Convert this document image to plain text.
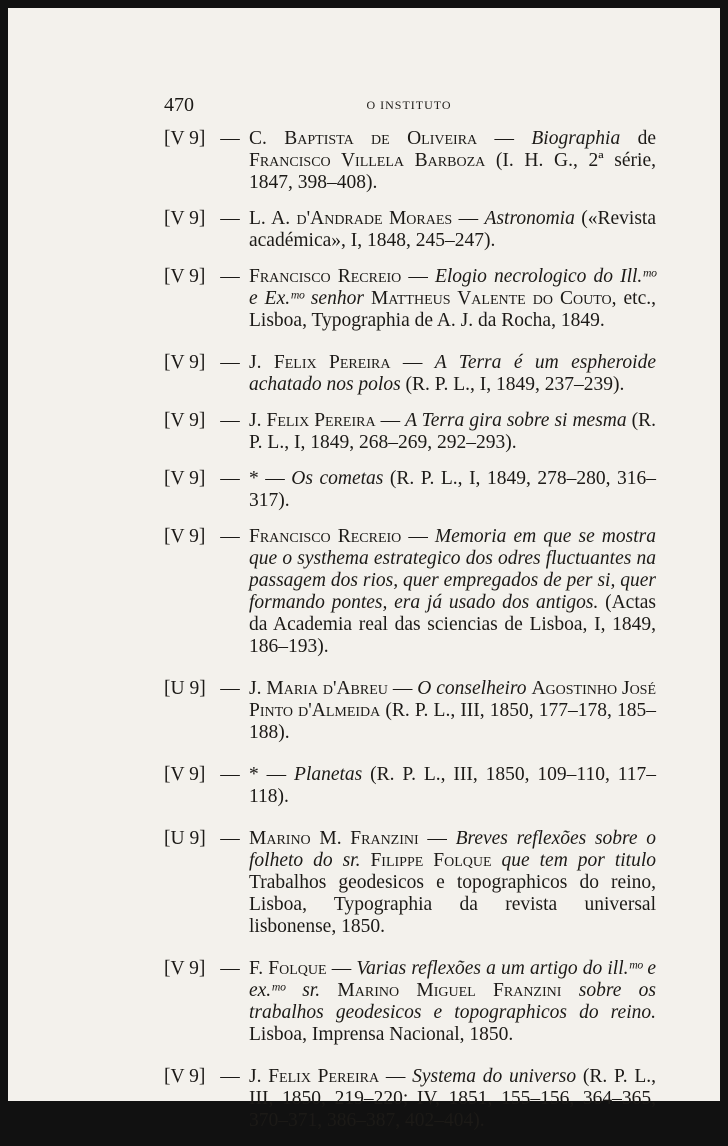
470	O INSTITUTO
[V 9] — C. Baptista de Oliveira — Biographia de Francisco Villela Barboza (I. H. G., 2ª série, 1847, 398–408).
[V 9] — L. A. d'Andrade Moraes — Astronomia («Revista académica», I, 1848, 245–247).
[V 9] — Francisco Recreio — Elogio necrologico do Ill.ᵐᵒ e Ex.ᵐᵒ senhor Mattheus Valente do Couto, etc., Lisboa, Typographia de A. J. da Rocha, 1849.
[V 9] — J. Felix Pereira — A Terra é um espheroide achatado nos polos (R. P. L., I, 1849, 237–239).
[V 9] — J. Felix Pereira — A Terra gira sobre si mesma (R. P. L., I, 1849, 268–269, 292–293).
[V 9] — * — Os cometas (R. P. L., I, 1849, 278–280, 316–317).
[V 9] — Francisco Recreio — Memoria em que se mostra que o systhema estrategico dos odres fluctuantes na passagem dos rios, quer empregados de per si, quer formando pontes, era já usado dos antigos. (Actas da Academia real das sciencias de Lisboa, I, 1849, 186–193).
[U 9] — J. Maria d'Abreu — O conselheiro Agostinho José Pinto d'Almeida (R. P. L., III, 1850, 177–178, 185–188).
[V 9] — * — Planetas (R. P. L., III, 1850, 109–110, 117–118).
[U 9] — Marino M. Franzini — Breves reflexões sobre o folheto do sr. Filippe Folque que tem por titulo Trabalhos geodesicos e topographicos do reino, Lisboa, Typographia da revista universal lisbonense, 1850.
[V 9] — F. Folque — Varias reflexões a um artigo do ill.ᵐᵒ e ex.ᵐᵒ sr. Marino Miguel Franzini sobre os trabalhos geodesicos e topographicos do reino. Lisboa, Imprensa Nacional, 1850.
[V 9] — J. Felix Pereira — Systema do universo (R. P. L., III, 1850, 219–220; IV, 1851, 155–156, 364–365, 370–371, 386–387, 402–404).
